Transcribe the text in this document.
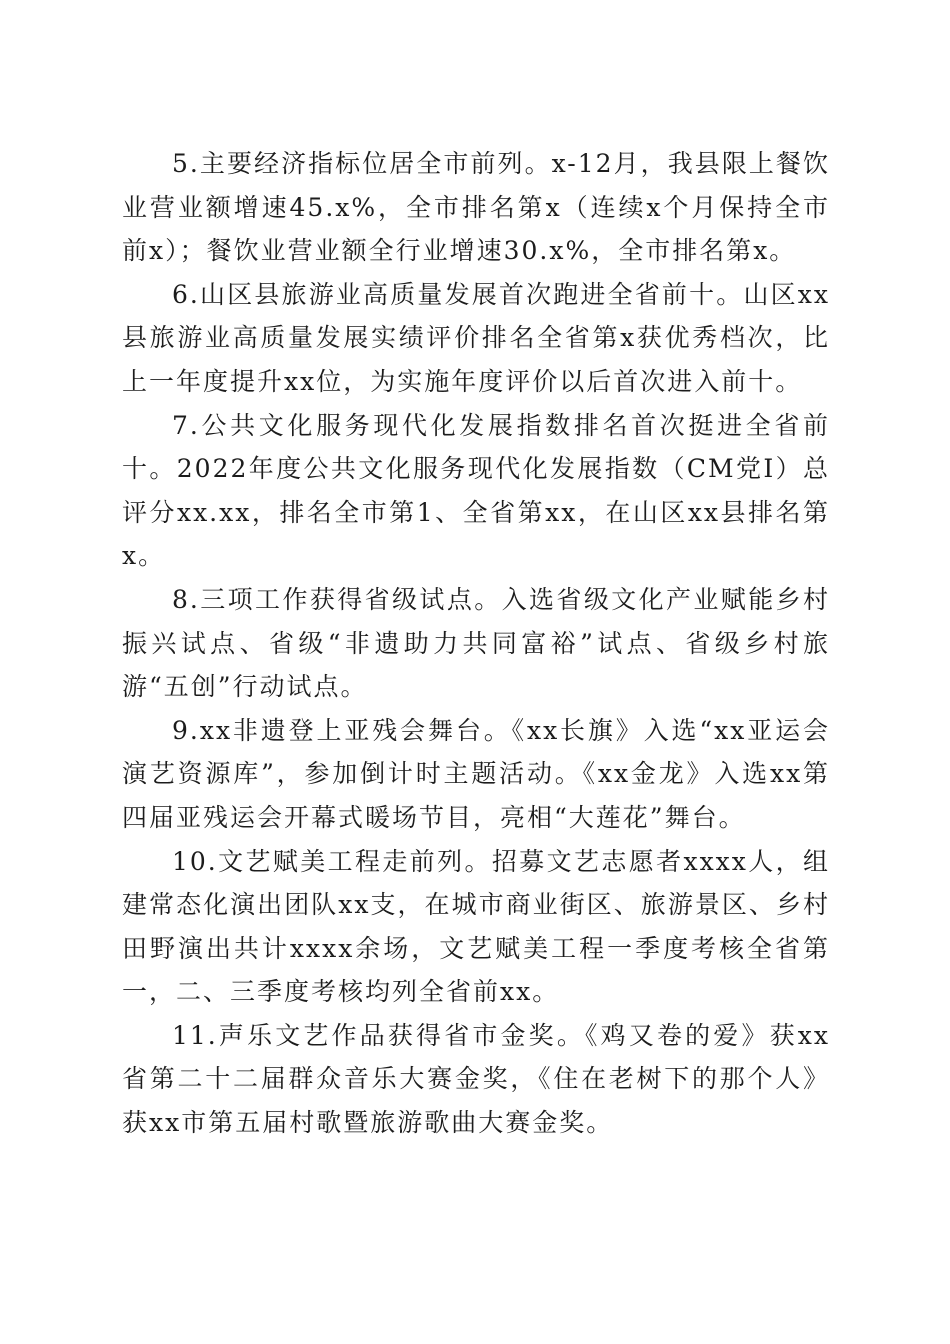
5.主要经济指标位居全市前列。x-12月，我县限上餐饮业营业额增速45.x%，全市排名第x（连续x个月保持全市前x）；餐饮业营业额全行业增速30.x%，全市排名第x。

6.山区县旅游业高质量发展首次跑进全省前十。山区xx县旅游业高质量发展实绩评价排名全省第x获优秀档次，比上一年度提升xx位，为实施年度评价以后首次进入前十。

7.公共文化服务现代化发展指数排名首次挺进全省前十。2022年度公共文化服务现代化发展指数（CM党I）总评分xx.xx，排名全市第1、全省第xx，在山区xx县排名第x。

8.三项工作获得省级试点。入选省级文化产业赋能乡村振兴试点、省级“非遗助力共同富裕”试点、省级乡村旅游“五创”行动试点。

9.xx非遗登上亚残会舞台。《xx长旗》入选“xx亚运会演艺资源库”，参加倒计时主题活动。《xx金龙》入选xx第四届亚残运会开幕式暖场节目，亮相“大莲花”舞台。

10.文艺赋美工程走前列。招募文艺志愿者xxxx人，组建常态化演出团队xx支，在城市商业街区、旅游景区、乡村田野演出共计xxxx余场，文艺赋美工程一季度考核全省第一，二、三季度考核均列全省前xx。

11.声乐文艺作品获得省市金奖。《鸡又卷的爱》获xx省第二十二届群众音乐大赛金奖，《住在老树下的那个人》获xx市第五届村歌暨旅游歌曲大赛金奖。
